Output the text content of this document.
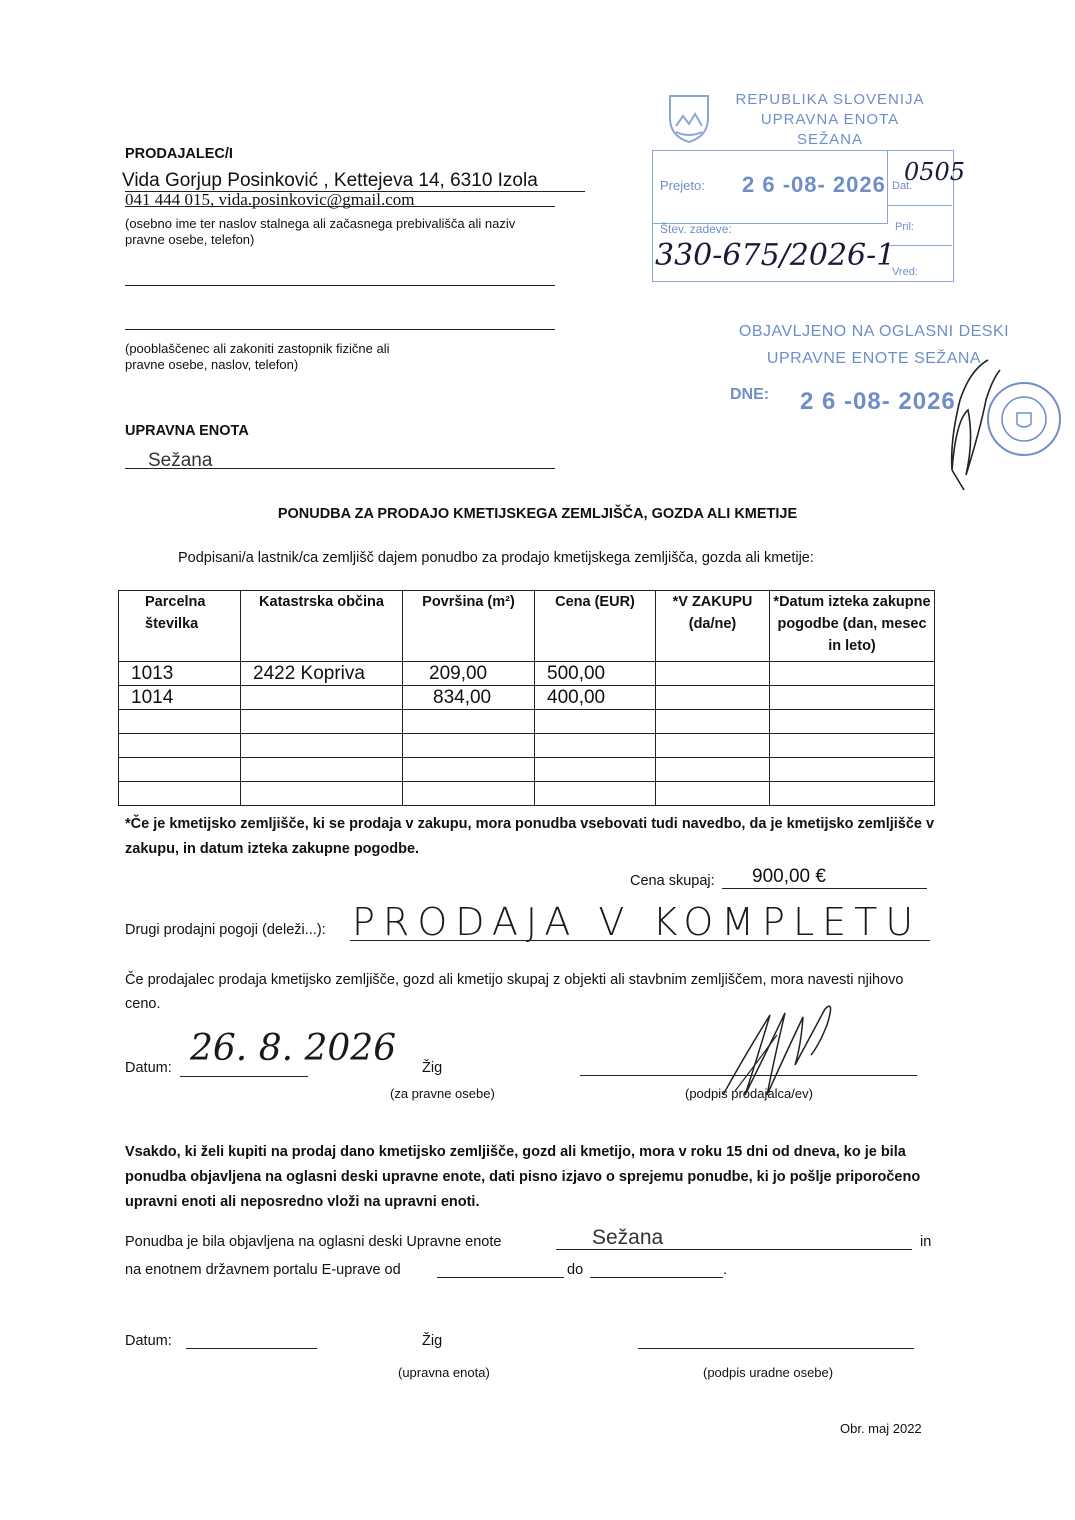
REPUBLIKA SLOVENIJA
UPRAVNA ENOTA
SEŽANA
Prejeto: 2 6 -08- 2026 Dat.
Pril:
Vred:
Štev. zadeve:
330-675/2026-1
0505
OBJAVLJENO NA OGLASNI DESKI
UPRAVNE ENOTE SEŽANA
DNE: 2 6 -08- 2026
PRODAJALEC/I
Vida Gorjup Posinković , Kettejeva 14, 6310 Izola
041 444 015, vida.posinkovic@gmail.com
(osebno ime ter naslov stalnega ali začasnega prebivališča ali naziv pravne osebe, telefon)
(pooblaščenec ali zakoniti zastopnik fizične ali pravne osebe, naslov, telefon)
UPRAVNA ENOTA
Sežana
PONUDBA ZA PRODAJO KMETIJSKEGA ZEMLJIŠČA, GOZDA ALI KMETIJE
Podpisani/a lastnik/ca zemljišč dajem ponudbo za prodajo kmetijskega zemljišča, gozda ali kmetije:
Parcelna številka	Katastrska občina	Površina (m²)	Cena (EUR)	*V ZAKUPU (da/ne)	*Datum izteka zakupne pogodbe (dan, mesec in leto)
1013	2422 Kopriva	209,00	500,00		
1014		834,00	400,00		

*Če je kmetijsko zemljišče, ki se prodaja v zakupu, mora ponudba vsebovati tudi navedbo, da je kmetijsko zemljišče v zakupu, in datum izteka zakupne pogodbe.
Cena skupaj: 900,00 €
Drugi prodajni pogoji (deleži...): PRODAJA V KOMPLETU
Če prodajalec prodaja kmetijsko zemljišče, gozd ali kmetijo skupaj z objekti ali stavbnim zemljiščem, mora navesti njihovo ceno.
Datum: 26. 8. 2026 Žig
(za pravne osebe)	(podpis prodajalca/ev)
Vsakdo, ki želi kupiti na prodaj dano kmetijsko zemljišče, gozd ali kmetijo, mora v roku 15 dni od dneva, ko je bila ponudba objavljena na oglasni deski upravne enote, dati pisno izjavo o sprejemu ponudbe, ki jo pošlje priporočeno upravni enoti ali neposredno vloži na upravni enoti.
Ponudba je bila objavljena na oglasni deski Upravne enote	Sežana	in
na enotnem državnem portalu E-uprave od	do	.
Datum:	Žig
(upravna enota)	(podpis uradne osebe)
Obr. maj 2022
